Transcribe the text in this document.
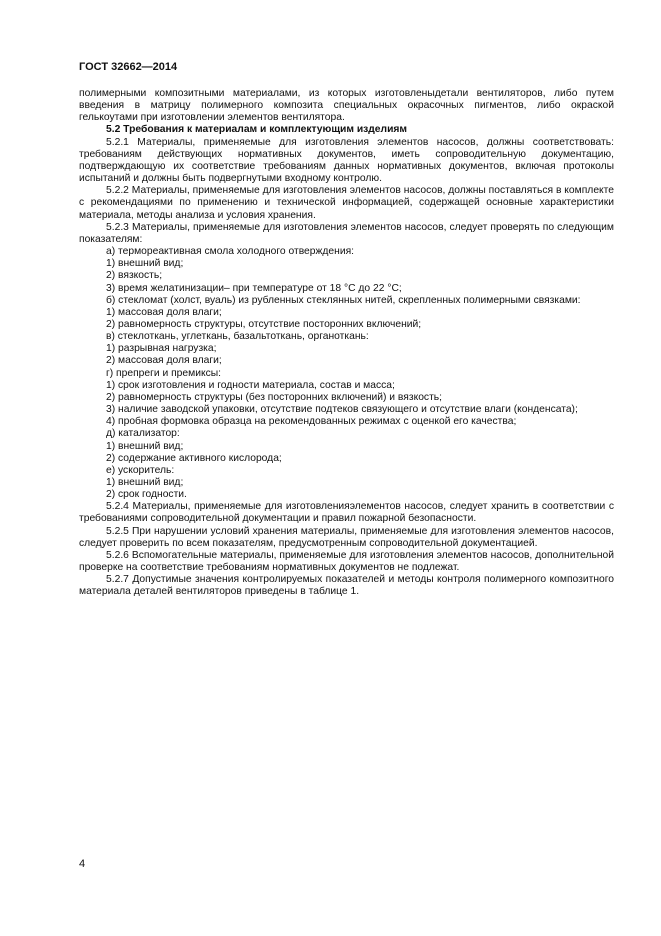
ГОСТ 32662—2014

полимерными композитными материалами, из которых изготовленыдетали вентиляторов, либо путем

введения в матрицу полимерного композита специальных окрасочных пигментов, либо окраской

гелькоутами при изготовлении элементов вентилятора.

5.2 Требования к материалам и комплектующим изделиям

5.2.1 Материалы, применяемые для изготовления элементов насосов, должны соответствовать: требованиям действующих нормативных документов, иметь сопроводительную документацию, подтверждающую их соответствие требованиям данных нормативных документов, включая протоколы испытаний и должны быть подвергнутыми входному контролю.

5.2.2 Материалы, применяемые для изготовления элементов насосов, должны поставляться в комплекте с рекомендациями по применению и технической информацией, содержащей основные характеристики материала, методы анализа и условия хранения.

5.2.3 Материалы, применяемые для изготовления элементов насосов, следует проверять по следующим показателям:

а) термореактивная смола холодного отверждения:

1) внешний вид;

2) вязкость;

3) время желатинизации– при температуре от 18 °С до 22 °С;

б) стекломат (холст, вуаль) из рубленных стеклянных нитей, скрепленных полимерными связками:

1) массовая доля влаги;

2) равномерность структуры, отсутствие посторонних включений;

в) стеклоткань, углеткань, базальтоткань, органоткань:

1) разрывная нагрузка;

2) массовая доля влаги;

г) препреги и премиксы:

1) срок изготовления и годности материала, состав и масса;

2) равномерность структуры (без посторонних включений) и вязкость;

3) наличие заводской упаковки, отсутствие подтеков связующего и отсутствие влаги (конденсата);

4) пробная формовка образца на рекомендованных режимах с оценкой его качества;

д) катализатор:

1) внешний вид;

2) содержание активного кислорода;

е) ускоритель:

1) внешний вид;

2) срок годности.

5.2.4 Материалы, применяемые для изготовленияэлементов насосов, следует хранить в соответствии с требованиями сопроводительной документации и правил пожарной безопасности.

5.2.5 При нарушении условий хранения материалы, применяемые для изготовления элементов насосов, следует проверить по всем показателям, предусмотренным сопроводительной документацией.

5.2.6 Вспомогательные материалы, применяемые для изготовления элементов насосов, дополнительной проверке на соответствие требованиям нормативных документов не подлежат.

5.2.7 Допустимые значения контролируемых показателей и методы контроля полимерного композитного материала деталей вентиляторов приведены в таблице 1.

4
